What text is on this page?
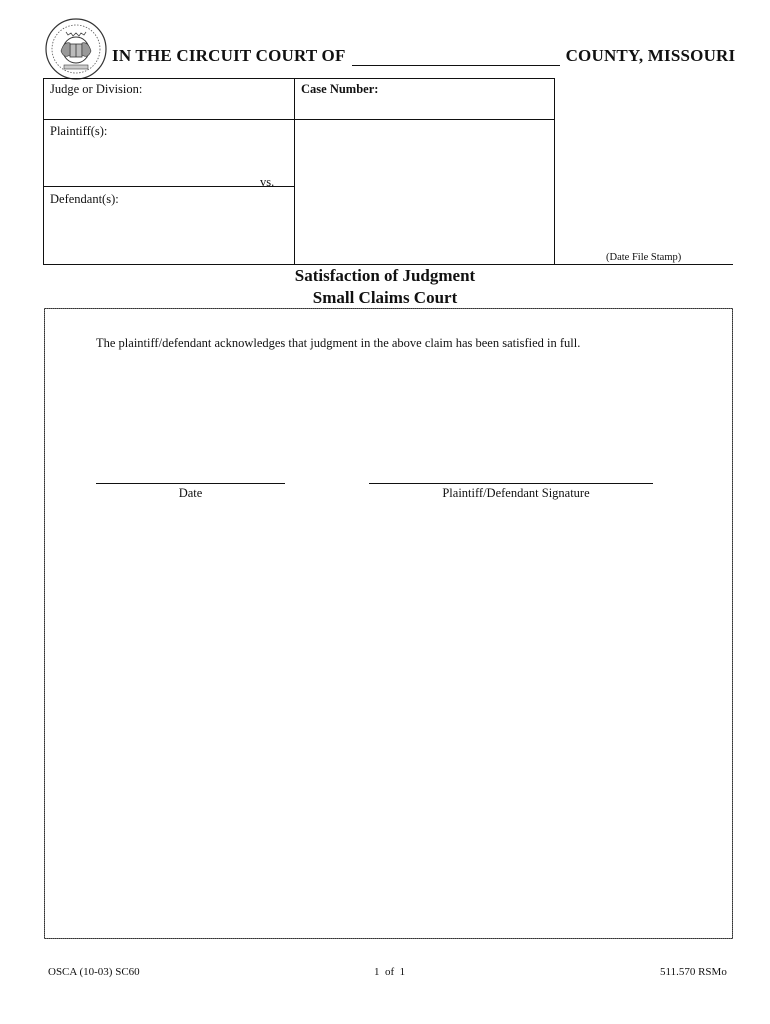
IN THE CIRCUIT COURT OF	COUNTY, MISSOURI
Judge or Division:	Case Number:
Plaintiff(s):
vs.
Defendant(s):
(Date File Stamp)
Satisfaction of Judgment
Small Claims Court
The plaintiff/defendant acknowledges that judgment in the above claim has been satisfied in full.
Date	Plaintiff/Defendant Signature
OSCA (10-03) SC60	1  of  1	511.570 RSMo
